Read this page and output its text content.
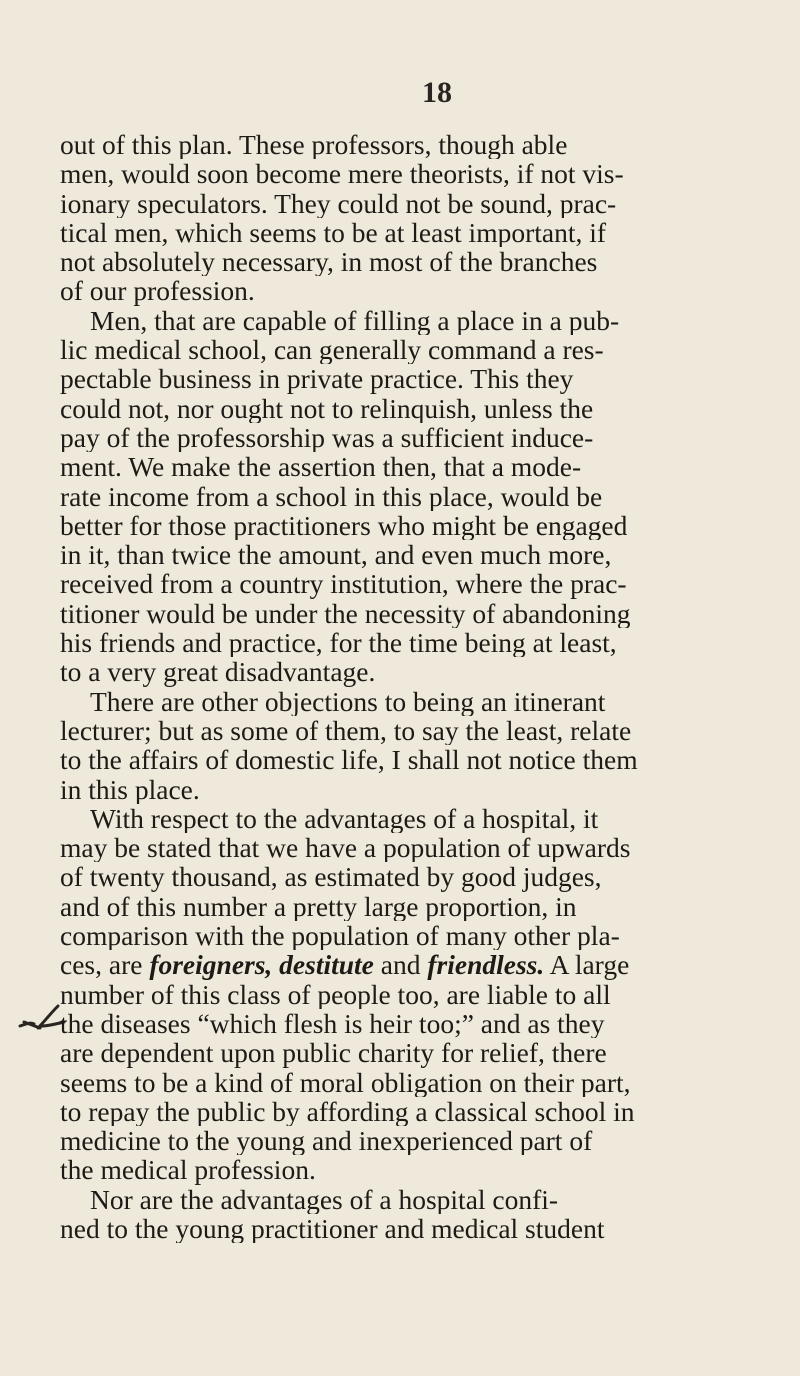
18
out of this plan. These professors, though able
men, would soon become mere theorists, if not vis-
ionary speculators. They could not be sound, prac-
tical men, which seems to be at least important, if
not absolutely necessary, in most of the branches
of our profession.
Men, that are capable of filling a place in a pub-
lic medical school, can generally command a res-
pectable business in private practice. This they
could not, nor ought not to relinquish, unless the
pay of the professorship was a sufficient induce-
ment. We make the assertion then, that a mode-
rate income from a school in this place, would be
better for those practitioners who might be engaged
in it, than twice the amount, and even much more,
received from a country institution, where the prac-
titioner would be under the necessity of abandoning
his friends and practice, for the time being at least,
to a very great disadvantage.
There are other objections to being an itinerant
lecturer; but as some of them, to say the least, relate
to the affairs of domestic life, I shall not notice them
in this place.
With respect to the advantages of a hospital, it
may be stated that we have a population of upwards
of twenty thousand, as estimated by good judges,
and of this number a pretty large proportion, in
comparison with the population of many other pla-
ces, are foreigners, destitute and friendless. A large
number of this class of people too, are liable to all
the diseases “which flesh is heir too;” and as they
are dependent upon public charity for relief, there
seems to be a kind of moral obligation on their part,
to repay the public by affording a classical school in
medicine to the young and inexperienced part of
the medical profession.
Nor are the advantages of a hospital confi-
ned to the young practitioner and medical student
